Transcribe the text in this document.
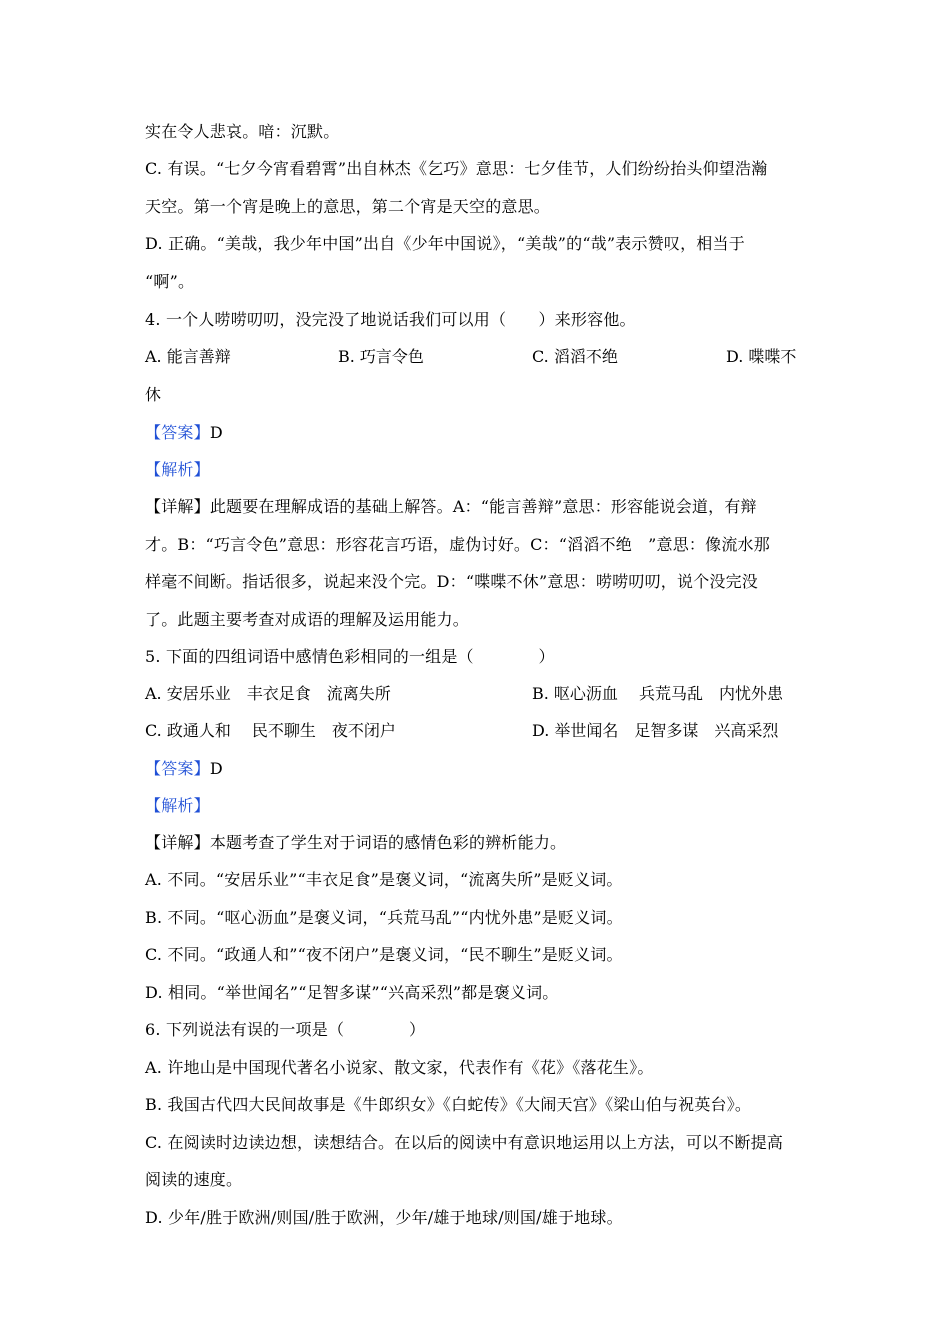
实在令人悲哀。喑：沉默。
C. 有误。“七夕今宵看碧霄”出自林杰《乞巧》意思：七夕佳节，人们纷纷抬头仰望浩瀚
天空。第一个宵是晚上的意思，第二个宵是天空的意思。
D. 正确。“美哉，我少年中国”出自《少年中国说》，“美哉”的“哉”表示赞叹，相当于
“啊”。
4. 一个人唠唠叨叨，没完没了地说话我们可以用（　　）来形容他。
A. 能言善辩	B. 巧言令色	C. 滔滔不绝	D. 喋喋不
休
【答案】D
【解析】
【详解】此题要在理解成语的基础上解答。A：“能言善辩”意思：形容能说会道，有辩
才。B：“巧言令色”意思：形容花言巧语，虚伪讨好。C：“滔滔不绝　”意思：像流水那
样毫不间断。指话很多，说起来没个完。D：“喋喋不休”意思：唠唠叨叨，说个没完没
了。此题主要考查对成语的理解及运用能力。
5. 下面的四组词语中感情色彩相同的一组是（　　　　）
A. 安居乐业　丰衣足食　流离失所	B. 呕心沥血　 兵荒马乱　内忧外患
C. 政通人和　 民不聊生　夜不闭户	D. 举世闻名　足智多谋　兴高采烈
【答案】D
【解析】
【详解】本题考查了学生对于词语的感情色彩的辨析能力。
A. 不同。“安居乐业”“丰衣足食”是褒义词，“流离失所”是贬义词。
B. 不同。“呕心沥血”是褒义词，“兵荒马乱”“内忧外患”是贬义词。
C. 不同。“政通人和”“夜不闭户”是褒义词，“民不聊生”是贬义词。
D. 相同。“举世闻名”“足智多谋”“兴高采烈”都是褒义词。
6. 下列说法有误的一项是（　　　　）
A. 许地山是中国现代著名小说家、散文家，代表作有《花》《落花生》。
B. 我国古代四大民间故事是《牛郎织女》《白蛇传》《大闹天宫》《梁山伯与祝英台》。
C. 在阅读时边读边想，读想结合。在以后的阅读中有意识地运用以上方法，可以不断提高
阅读的速度。
D. 少年/胜于欧洲/则国/胜于欧洲，少年/雄于地球/则国/雄于地球。
